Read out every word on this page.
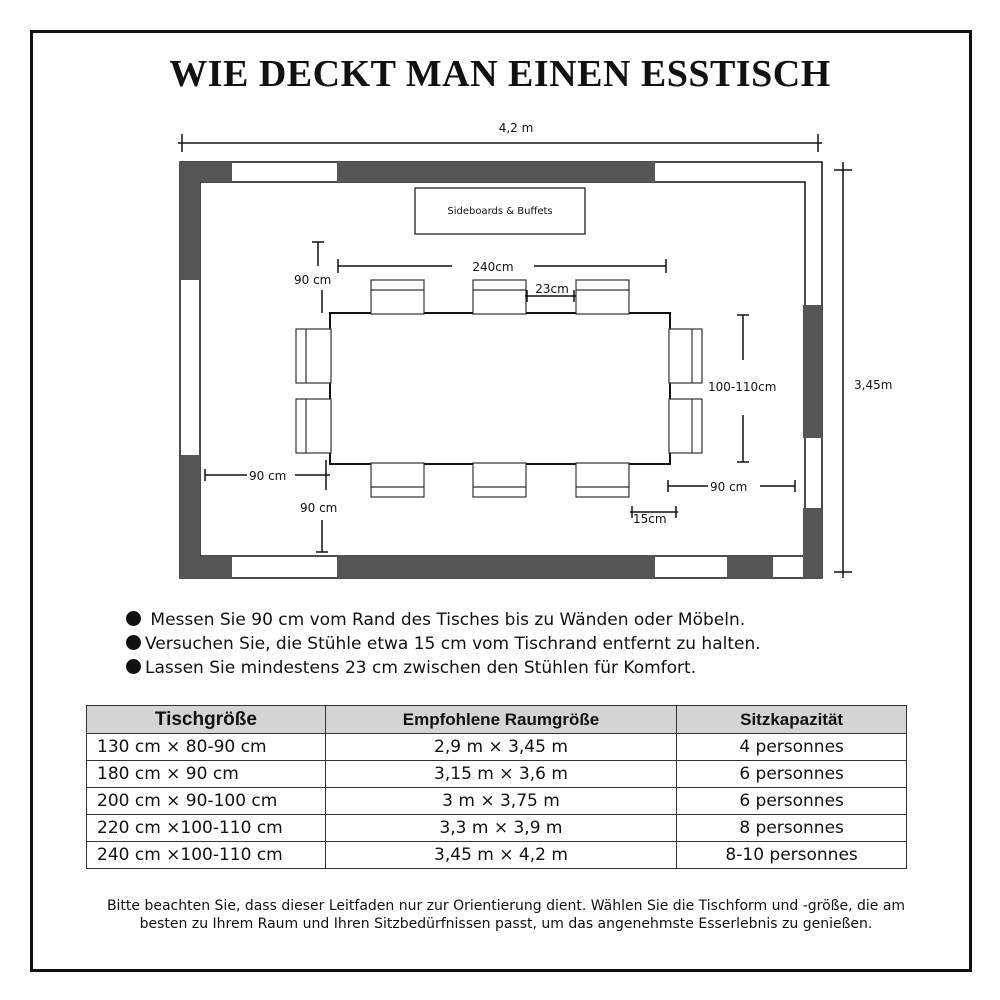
WIE DECKT MAN EINEN ESSTISCH
Sideboards & Buffets
4,2 m
3,45m
240cm
23cm
90 cm
100-110cm
90 cm
90 cm
90 cm
15cm
Messen Sie 90 cm vom Rand des Tisches bis zu Wänden oder Möbeln.
Versuchen Sie, die Stühle etwa 15 cm vom Tischrand entfernt zu halten.
Lassen Sie mindestens 23 cm zwischen den Stühlen für Komfort.
Tischgröße	Empfohlene Raumgröße	Sitzkapazität
130 cm × 80-90 cm	2,9 m × 3,45 m	4 personnes
180 cm × 90 cm	3,15 m × 3,6 m	6 personnes
200 cm × 90-100 cm	3 m × 3,75 m	6 personnes
220 cm ×100-110 cm	3,3 m × 3,9 m	8 personnes
240 cm ×100-110 cm	3,45 m × 4,2 m	8-10 personnes
Bitte beachten Sie, dass dieser Leitfaden nur zur Orientierung dient. Wählen Sie die Tischform und -größe, die am besten zu Ihrem Raum und Ihren Sitzbedürfnissen passt, um das angenehmste Esserlebnis zu genießen.
